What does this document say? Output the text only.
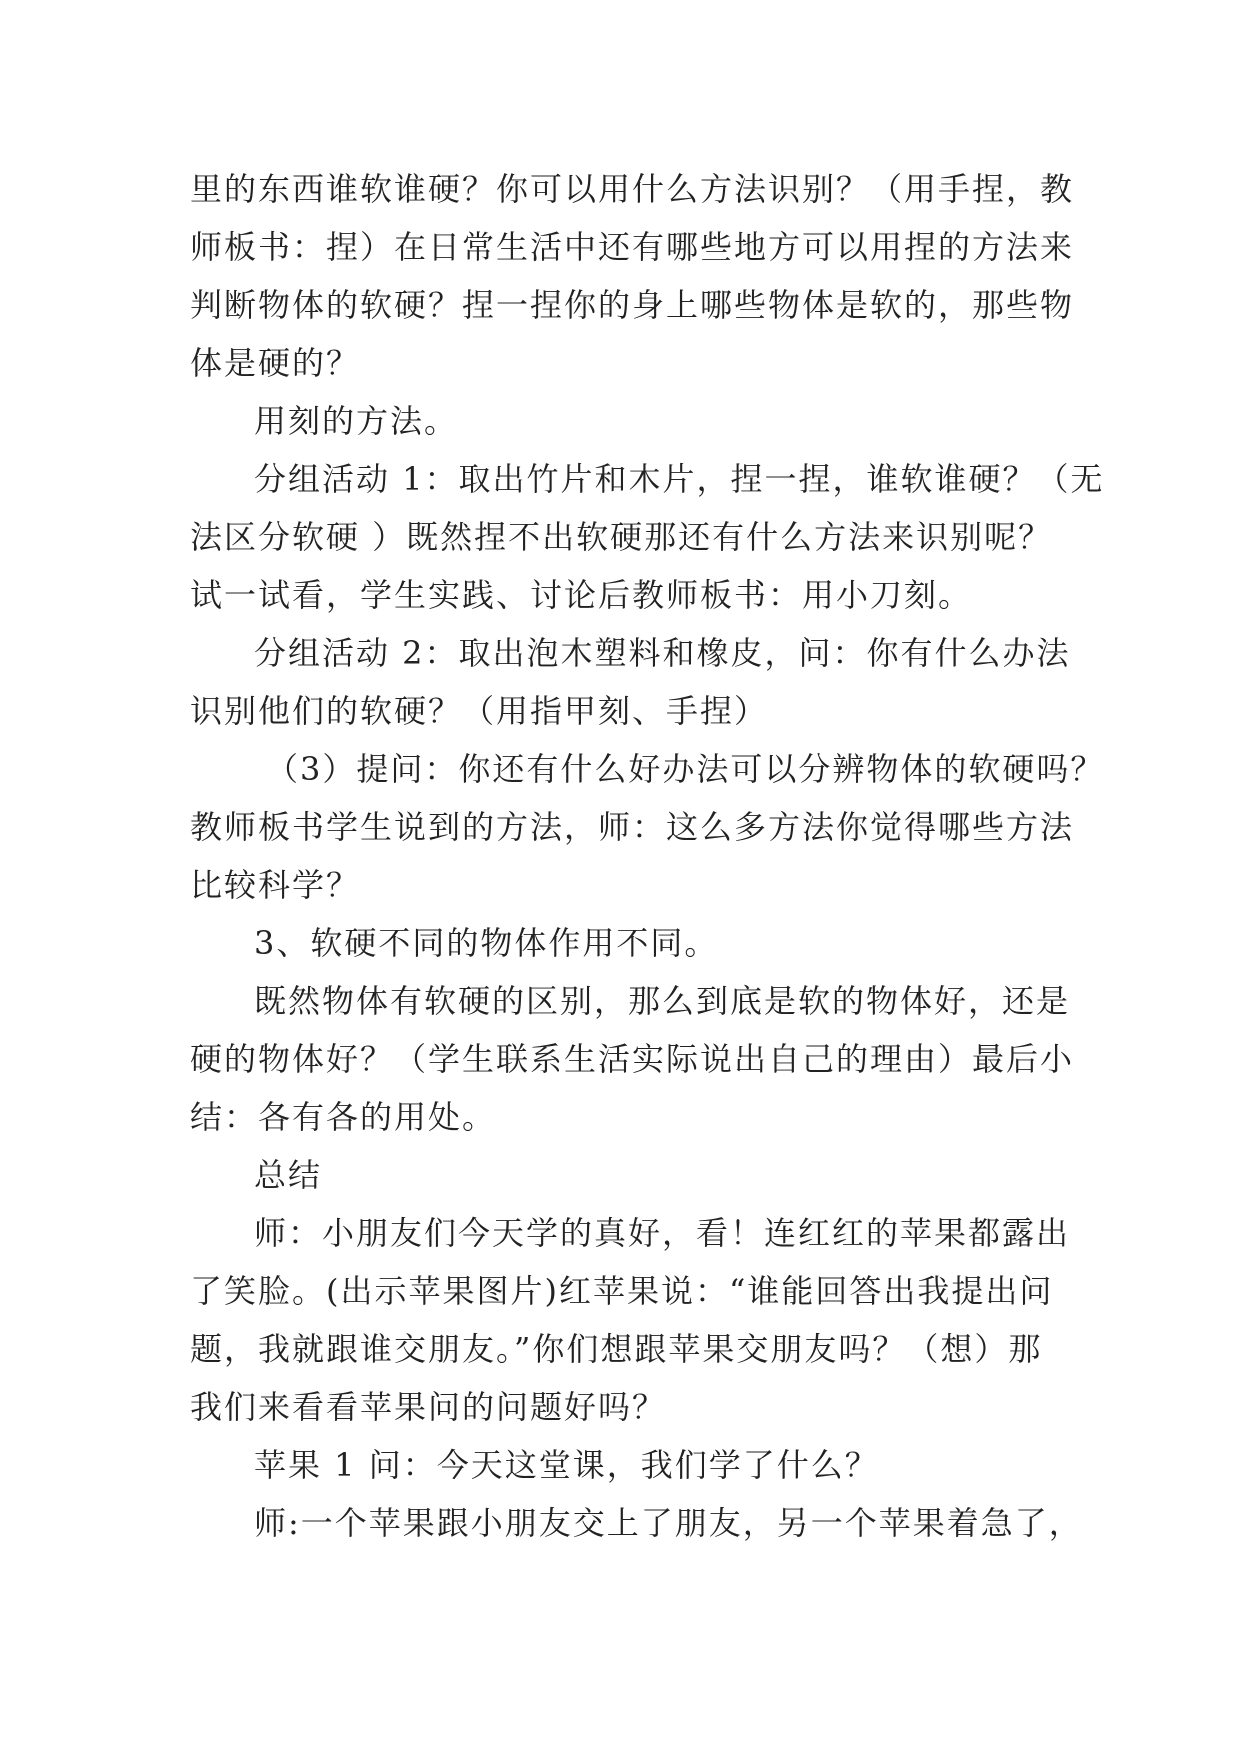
里的东西谁软谁硬？你可以用什么方法识别？（用手捏，教
师板书：捏）在日常生活中还有哪些地方可以用捏的方法来
判断物体的软硬？捏一捏你的身上哪些物体是软的，那些物
体是硬的？
用刻的方法。
分组活动 1：取出竹片和木片，捏一捏，谁软谁硬？（无
法区分软硬 ）既然捏不出软硬那还有什么方法来识别呢？
试一试看，学生实践、讨论后教师板书：用小刀刻。
分组活动 2：取出泡木塑料和橡皮，问：你有什么办法
识别他们的软硬？（用指甲刻、手捏）
（3）提问：你还有什么好办法可以分辨物体的软硬吗？
教师板书学生说到的方法，师：这么多方法你觉得哪些方法
比较科学？
3、软硬不同的物体作用不同。
既然物体有软硬的区别，那么到底是软的物体好，还是
硬的物体好？（学生联系生活实际说出自己的理由）最后小
结：各有各的用处。
总结
师：小朋友们今天学的真好，看！连红红的苹果都露出
了笑脸。(出示苹果图片)红苹果说：“谁能回答出我提出问
题，我就跟谁交朋友。”你们想跟苹果交朋友吗？（想）那
我们来看看苹果问的问题好吗？
苹果 1 问：今天这堂课，我们学了什么？
师:一个苹果跟小朋友交上了朋友，另一个苹果着急了，
